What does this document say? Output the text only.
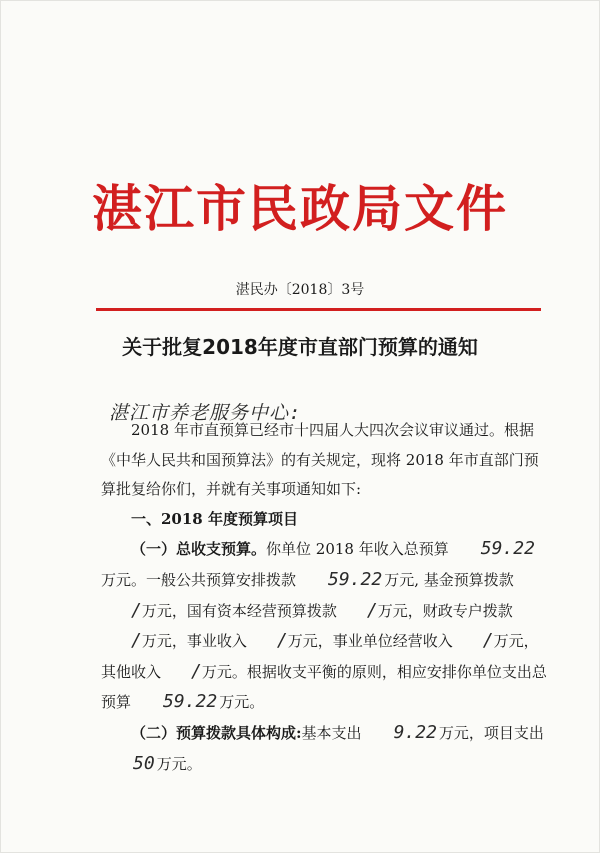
湛江市民政局文件
湛民办〔2018〕3号
关于批复2018年度市直部门预算的通知
湛江市养老服务中心:

2018 年市直预算已经市十四届人大四次会议审议通过。根据《中华人民共和国预算法》的有关规定，现将 2018 年市直部门预算批复给你们，并就有关事项通知如下:

一、2018 年度预算项目

（一）总收支预算。你单位 2018 年收入总预算 59.22万元。一般公共预算安排拨款 59.22 万元, 基金预算拨款/万元，国有资本经营预算拨款 /万元，财政专户拨款/万元，事业收入 /万元，事业单位经营收入 /万元，其他收入 /万元。根据收支平衡的原则，相应安排你单位支出总预算 59.22 万元。

（二）预算拨款具体构成:基本支出 9.22 万元，项目支出50 万元。
